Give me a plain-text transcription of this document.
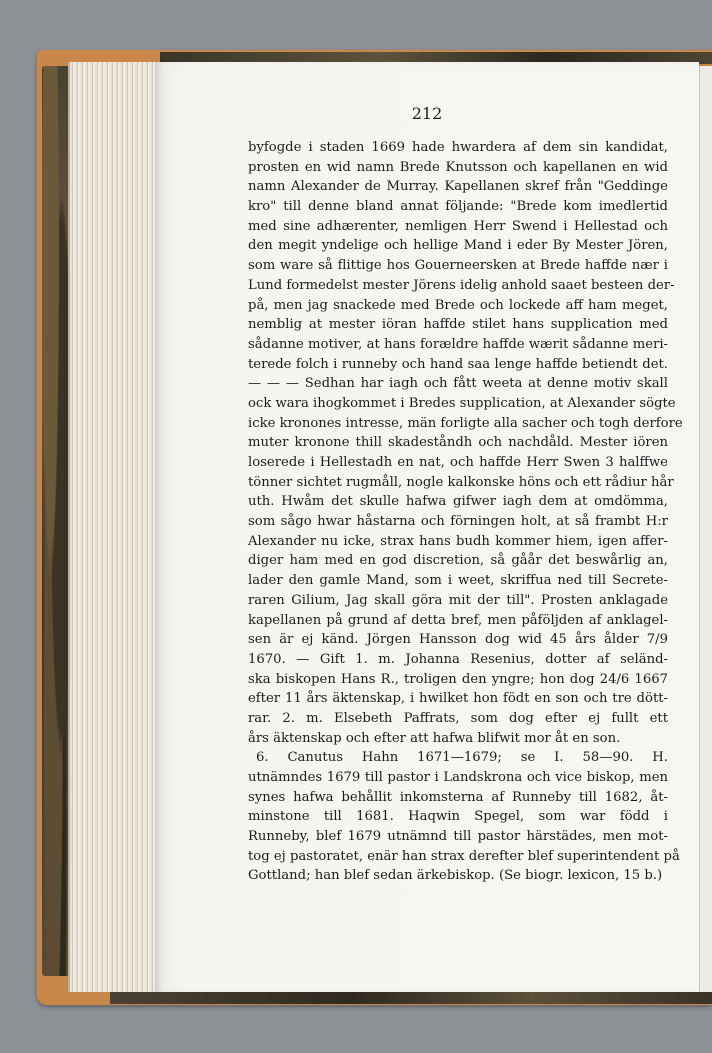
212
byfogde i staden 1669 hade hwardera af dem sin kandidat,
prosten en wid namn Brede Knutsson och kapellanen en wid
namn Alexander de Murray. Kapellanen skref från "Geddinge
kro" till denne bland annat följande: "Brede kom imedlertid
med sine adhærenter, nemligen Herr Swend i Hellestad och
den megit yndelige och hellige Mand i eder By Mester Jören,
som ware så flittige hos Gouerneersken at Brede haffde nær i
Lund formedelst mester Jörens idelig anhold saaet besteen der-
på, men jag snackede med Brede och lockede aff ham meget,
nemblig at mester iöran haffde stilet hans supplication med
sådanne motiver, at hans forældre haffde wærit sådanne meri-
terede folch i runneby och hand saa lenge haffde betiendt det.
— — — Sedhan har iagh och fått weeta at denne motiv skall
ock wara ihogkommet i Bredes supplication, at Alexander sögte
icke kronones intresse, män forligte alla sacher och togh derfore
muter kronone thill skadeståndh och nachdåld. Mester iören
loserede i Hellestadh en nat, och haffde Herr Swen 3 halffwe
tönner sichtet rugmåll, nogle kalkonske höns och ett rådiur hår
uth. Hwåm det skulle hafwa gifwer iagh dem at omdömma,
som sågo hwar håstarna och förningen holt, at så frambt H:r
Alexander nu icke, strax hans budh kommer hiem, igen affer-
diger ham med en god discretion, så gåår det beswårlig an,
lader den gamle Mand, som i weet, skriffua ned till Secrete-
raren Gilium, Jag skall göra mit der till". Prosten anklagade
kapellanen på grund af detta bref, men påföljden af anklagel-
sen är ej känd. Jörgen Hansson dog wid 45 års ålder 7/9
1670. — Gift 1. m. Johanna Resenius, dotter af seländ-
ska biskopen Hans R., troligen den yngre; hon dog 24/6 1667
efter 11 års äktenskap, i hwilket hon födt en son och tre dött-
rar. 2. m. Elsebeth Paffrats, som dog efter ej fullt ett
års äktenskap och efter att hafwa blifwit mor åt en son.
6. Canutus Hahn 1671—1679; se I. 58—90. H.
utnämndes 1679 till pastor i Landskrona och vice biskop, men
synes hafwa behållit inkomsterna af Runneby till 1682, åt-
minstone till 1681. Haqwin Spegel, som war född i
Runneby, blef 1679 utnämnd till pastor härstädes, men mot-
tog ej pastoratet, enär han strax derefter blef superintendent på
Gottland; han blef sedan ärkebiskop. (Se biogr. lexicon, 15 b.)
